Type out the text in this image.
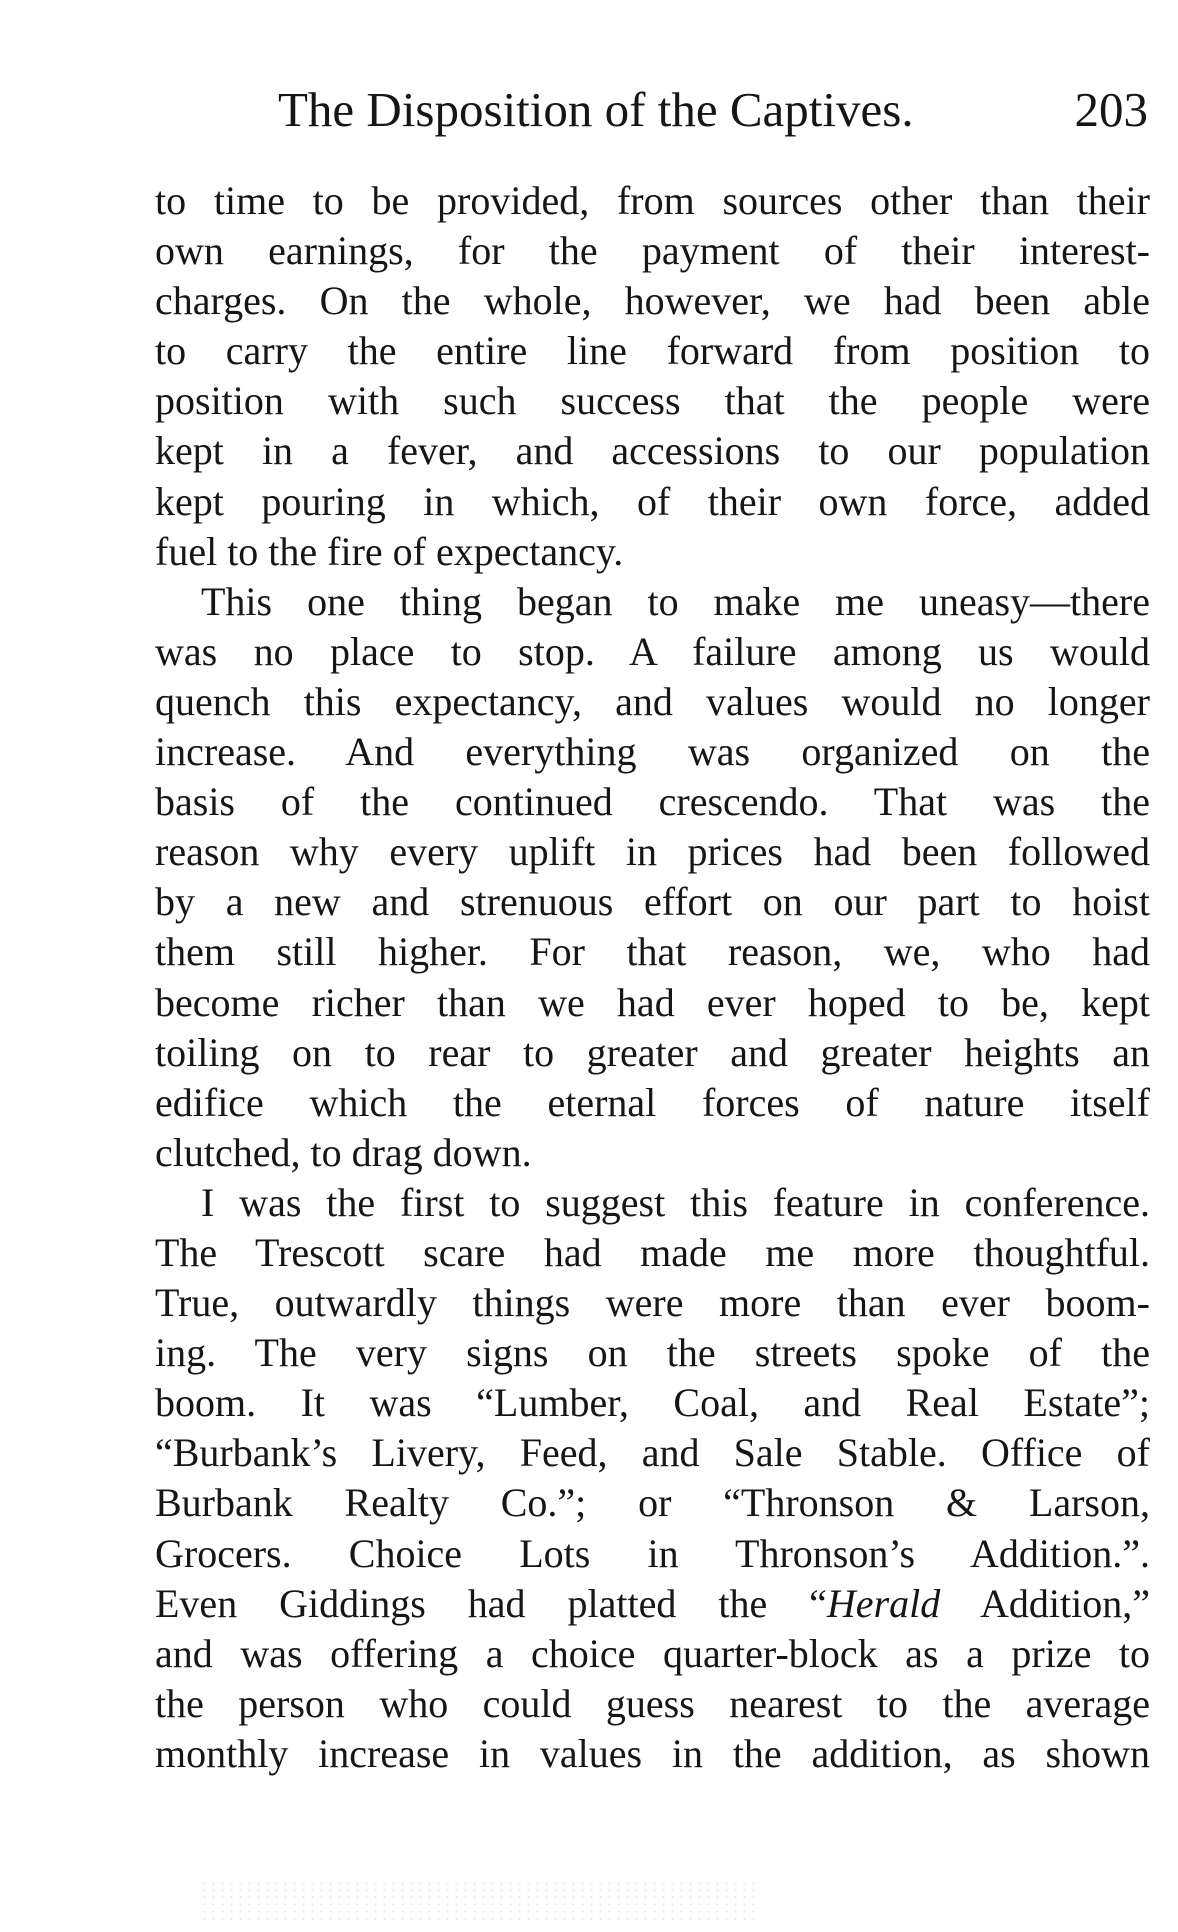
The Disposition of the Captives.	203

to time to be provided, from sources other than their
own earnings, for the payment of their interest-
charges. On the whole, however, we had been able
to carry the entire line forward from position to
position with such success that the people were
kept in a fever, and accessions to our population
kept pouring in which, of their own force, added
fuel to the fire of expectancy.

This one thing began to make me uneasy—there
was no place to stop. A failure among us would
quench this expectancy, and values would no longer
increase. And everything was organized on the
basis of the continued crescendo. That was the
reason why every uplift in prices had been followed
by a new and strenuous effort on our part to hoist
them still higher. For that reason, we, who had
become richer than we had ever hoped to be, kept
toiling on to rear to greater and greater heights an
edifice which the eternal forces of nature itself
clutched, to drag down.

I was the first to suggest this feature in conference.
The Trescott scare had made me more thoughtful.
True, outwardly things were more than ever boom-
ing. The very signs on the streets spoke of the
boom. It was “Lumber, Coal, and Real Estate”;
“Burbank’s Livery, Feed, and Sale Stable. Office of
Burbank Realty Co.”; or “Thronson & Larson,
Grocers. Choice Lots in Thronson’s Addition.”.
Even Giddings had platted the “Herald Addition,”
and was offering a choice quarter-block as a prize to
the person who could guess nearest to the average
monthly increase in values in the addition, as shown
